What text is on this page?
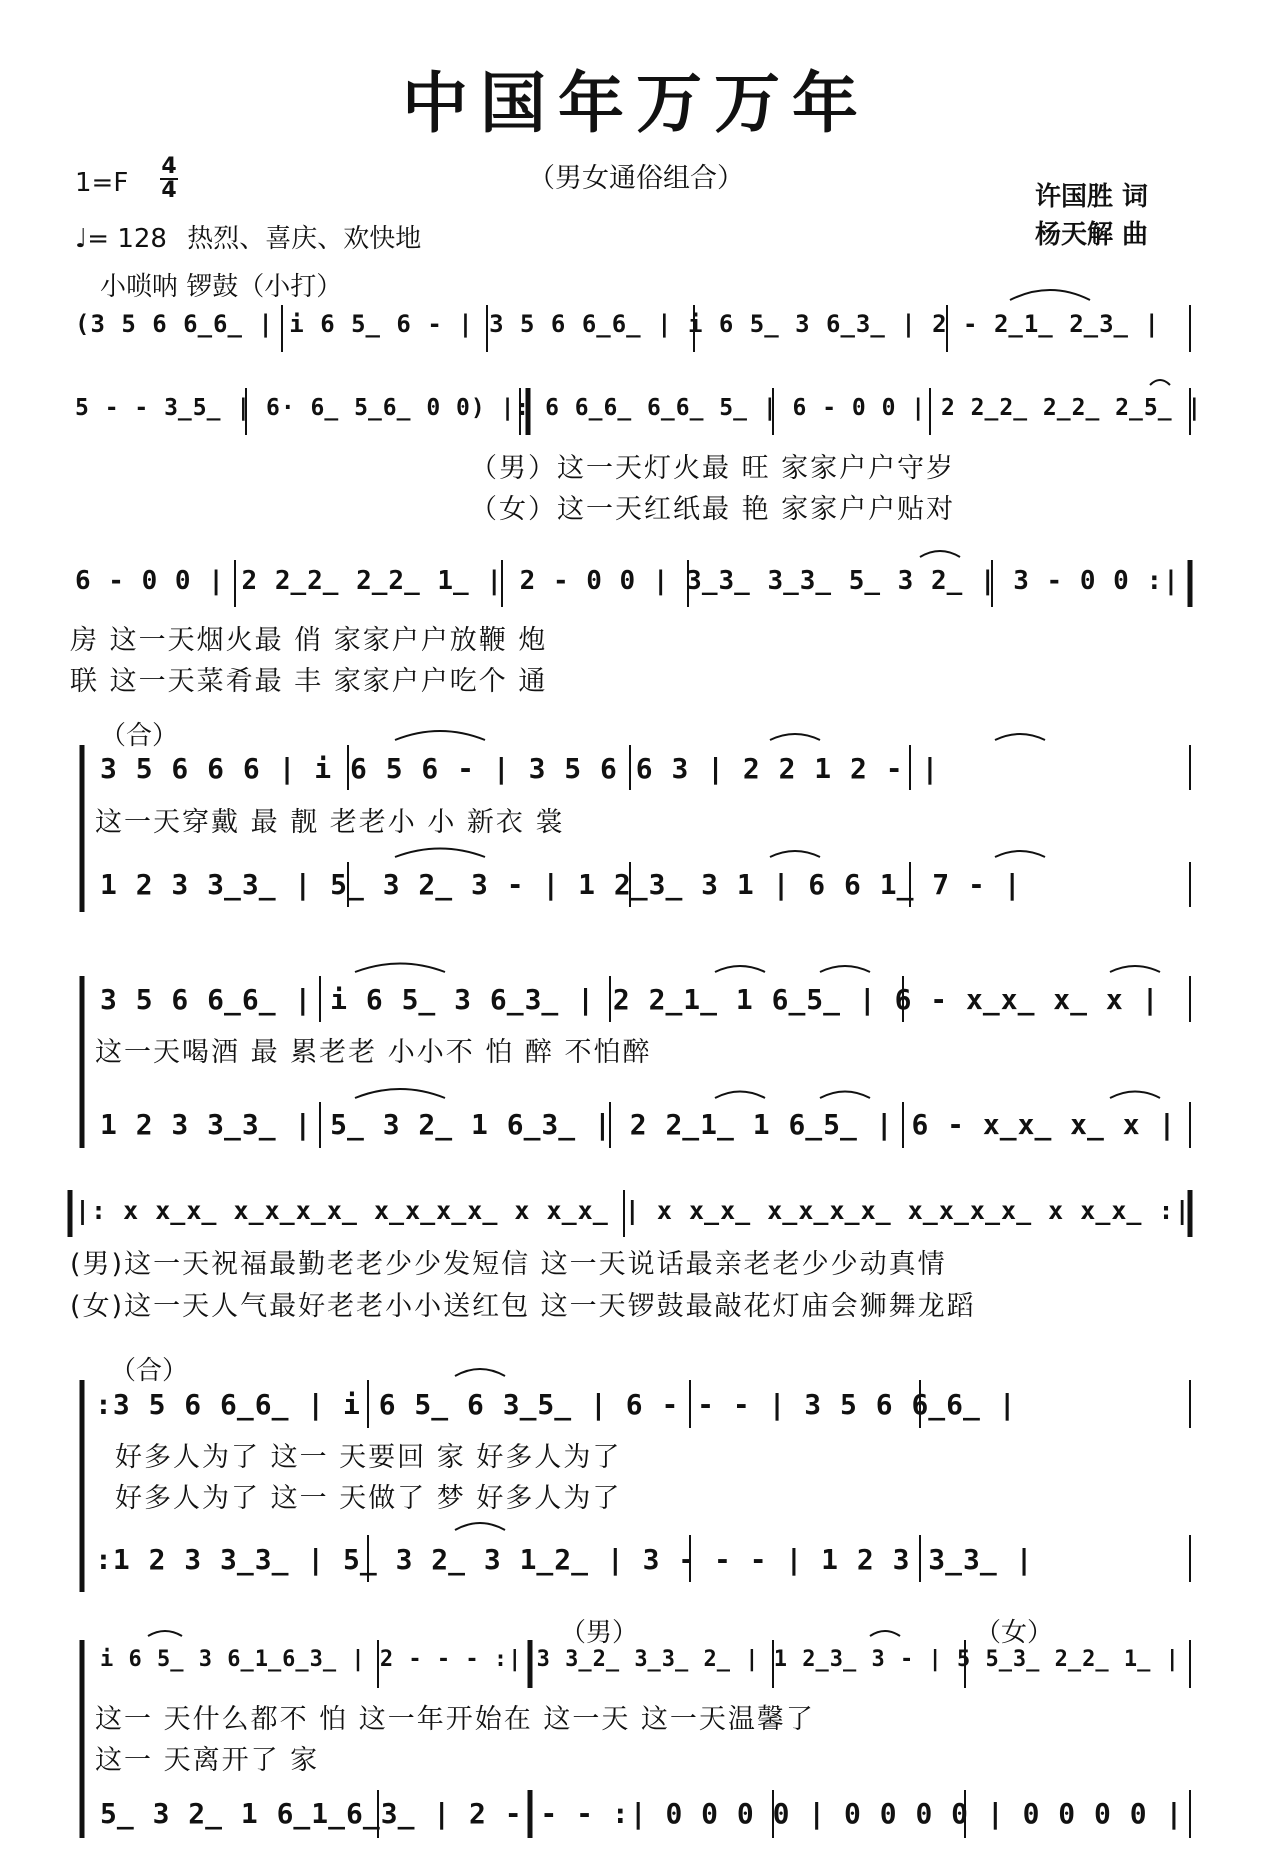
中国年万万年
（男女通俗组合）
1=F
4
4
♩= 128 热烈、喜庆、欢快地
小唢呐 锣鼓（小打）
许国胜 词
杨天解 曲
(3 5 6 6̲6̲ | i 6 5̲ 6 - | 3 5 6 6̲6̲ | i 6 5̲ 3 6̲3̲ | 2 - 2̲1̲ 2̲3̲ |
5 - - 3̲5̲ | 6· 6̲ 5̲6̲ 0 0) |: 6 6̲6̲ 6̲6̲ 5̲ | 6 - 0 0 | 2 2̲2̲ 2̲2̲ 2̲5̲ |
（男）这一天灯火最 旺 家家户户守岁
（女）这一天红纸最 艳 家家户户贴对
6 - 0 0 | 2 2̲2̲ 2̲2̲ 1̲ | 2 - 0 0 | 3̲3̲ 3̲3̲ 5̲ 3 2̲ | 3 - 0 0 :|
房 这一天烟火最 俏 家家户户放鞭 炮
联 这一天菜肴最 丰 家家户户吃个 通
（合）
3 5 6 6 6 | i 6 5 6 - | 3 5 6 6 3 | 2 2 1 2 - |
这一天穿戴 最 靓 老老小 小 新衣 裳
1 2 3 3̲3̲ | 5̲ 3 2̲ 3 - | 1 2̲3̲ 3 1 | 6 6 1̲ 7 - |
3 5 6 6̲6̲ | i 6 5̲ 3 6̲3̲ | 2 2̲1̲ 1 6̲5̲ | 6 - x̲x̲ x̲ x |
这一天喝酒 最 累老老 小小不 怕 醉 不怕醉
1 2 3 3̲3̲ | 5̲ 3 2̲ 1 6̲3̲ | 2 2̲1̲ 1 6̲5̲ | 6 - x̲x̲ x̲ x |
|: x x̲x̲ x̲x̲x̲x̲ x̲x̲x̲x̲ x x̲x̲ | x x̲x̲ x̲x̲x̲x̲ x̲x̲x̲x̲ x x̲x̲ :|
(男)这一天祝福最勤老老少少发短信 这一天说话最亲老老少少动真情
(女)这一天人气最好老老小小送红包 这一天锣鼓最敲花灯庙会狮舞龙蹈
（合）
:3 5 6 6̲6̲ | i 6 5̲ 6 3̲5̲ | 6 - - - | 3 5 6 6̲6̲ |
好多人为了 这一 天要回 家 好多人为了
好多人为了 这一 天做了 梦 好多人为了
:1 2 3 3̲3̲ | 5̲ 3 2̲ 3 1̲2̲ | 3 - - - | 1 2 3 3̲3̲ |
（男）	（女）
i 6 5̲ 3 6̲1̲6̲3̲ | 2 - - - :| 3 3̲2̲ 3̲3̲ 2̲ | 1 2̲3̲ 3 - | 5 5̲3̲ 2̲2̲ 1̲ |
这一 天什么都不 怕 这一年开始在 这一天 这一天温馨了
这一 天离开了 家
5̲ 3 2̲ 1 6̲1̲6̲3̲ | 2 - - - :| 0 0 0 0 | 0 0 0 0 | 0 0 0 0 |
